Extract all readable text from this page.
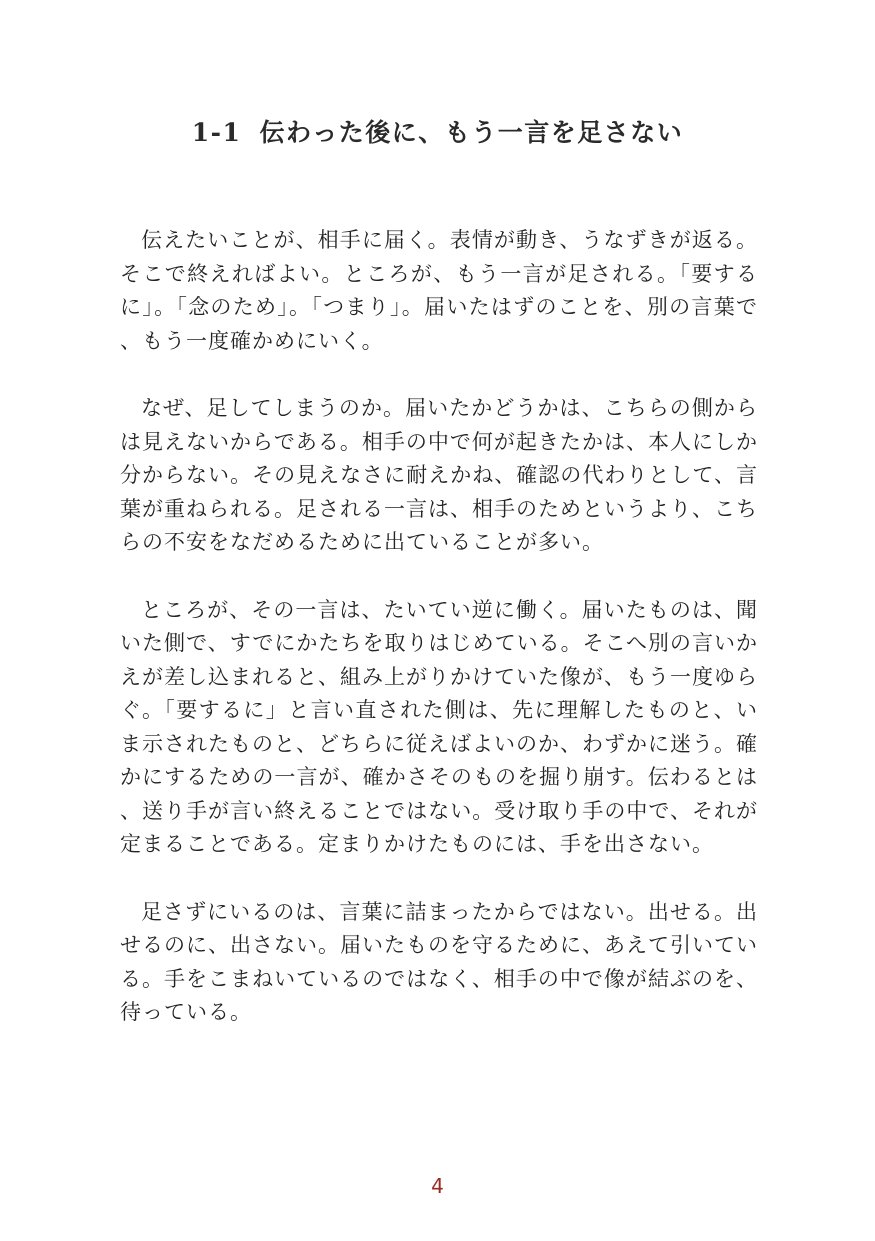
1-1 伝わった後に、もう一言を足さない

伝えたいことが、相手に届く。表情が動き、うなずきが返る。そこで終えればよい。ところが、もう一言が足される。「要するに」。「念のため」。「つまり」。届いたはずのことを、別の言葉で、もう一度確かめにいく。

なぜ、足してしまうのか。届いたかどうかは、こちらの側からは見えないからである。相手の中で何が起きたかは、本人にしか分からない。その見えなさに耐えかね、確認の代わりとして、言葉が重ねられる。足される一言は、相手のためというより、こちらの不安をなだめるために出ていることが多い。

ところが、その一言は、たいてい逆に働く。届いたものは、聞いた側で、すでにかたちを取りはじめている。そこへ別の言いかえが差し込まれると、組み上がりかけていた像が、もう一度ゆらぐ。「要するに」と言い直された側は、先に理解したものと、いま示されたものと、どちらに従えばよいのか、わずかに迷う。確かにするための一言が、確かさそのものを掘り崩す。伝わるとは、送り手が言い終えることではない。受け取り手の中で、それが定まることである。定まりかけたものには、手を出さない。

足さずにいるのは、言葉に詰まったからではない。出せる。出せるのに、出さない。届いたものを守るために、あえて引いている。手をこまねいているのではなく、相手の中で像が結ぶのを、待っている。

4
